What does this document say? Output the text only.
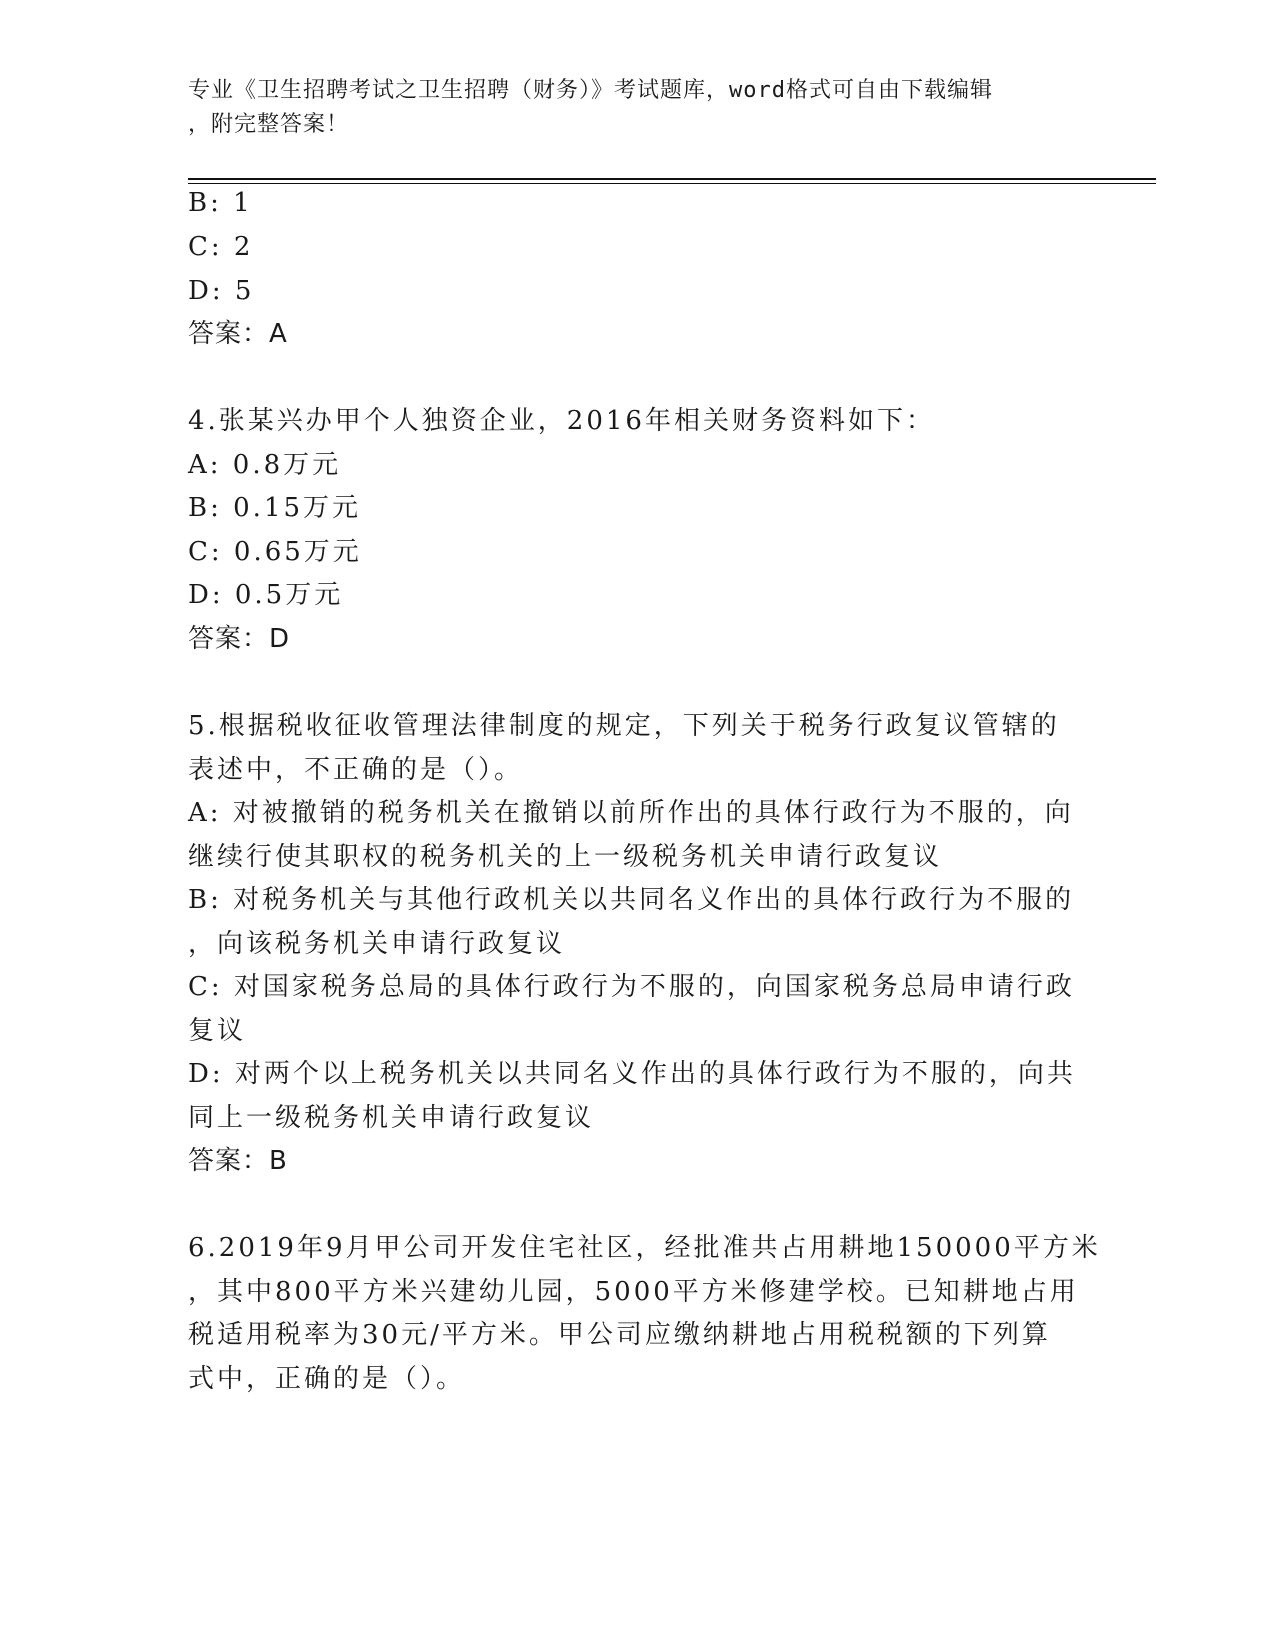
专业《卫生招聘考试之卫生招聘（财务）》考试题库，word格式可自由下载编辑
，附完整答案！
B: 1
C: 2
D: 5
答案：A
4.张某兴办甲个人独资企业，2016年相关财务资料如下：
A: 0.8万元
B: 0.15万元
C: 0.65万元
D: 0.5万元
答案：D
5.根据税收征收管理法律制度的规定，下列关于税务行政复议管辖的
表述中，不正确的是（）。
A: 对被撤销的税务机关在撤销以前所作出的具体行政行为不服的，向
继续行使其职权的税务机关的上一级税务机关申请行政复议
B: 对税务机关与其他行政机关以共同名义作出的具体行政行为不服的
，向该税务机关申请行政复议
C: 对国家税务总局的具体行政行为不服的，向国家税务总局申请行政
复议
D: 对两个以上税务机关以共同名义作出的具体行政行为不服的，向共
同上一级税务机关申请行政复议
答案：B
6.2019年9月甲公司开发住宅社区，经批准共占用耕地150000平方米
，其中800平方米兴建幼儿园，5000平方米修建学校。已知耕地占用
税适用税率为30元/平方米。甲公司应缴纳耕地占用税税额的下列算
式中，正确的是（）。
